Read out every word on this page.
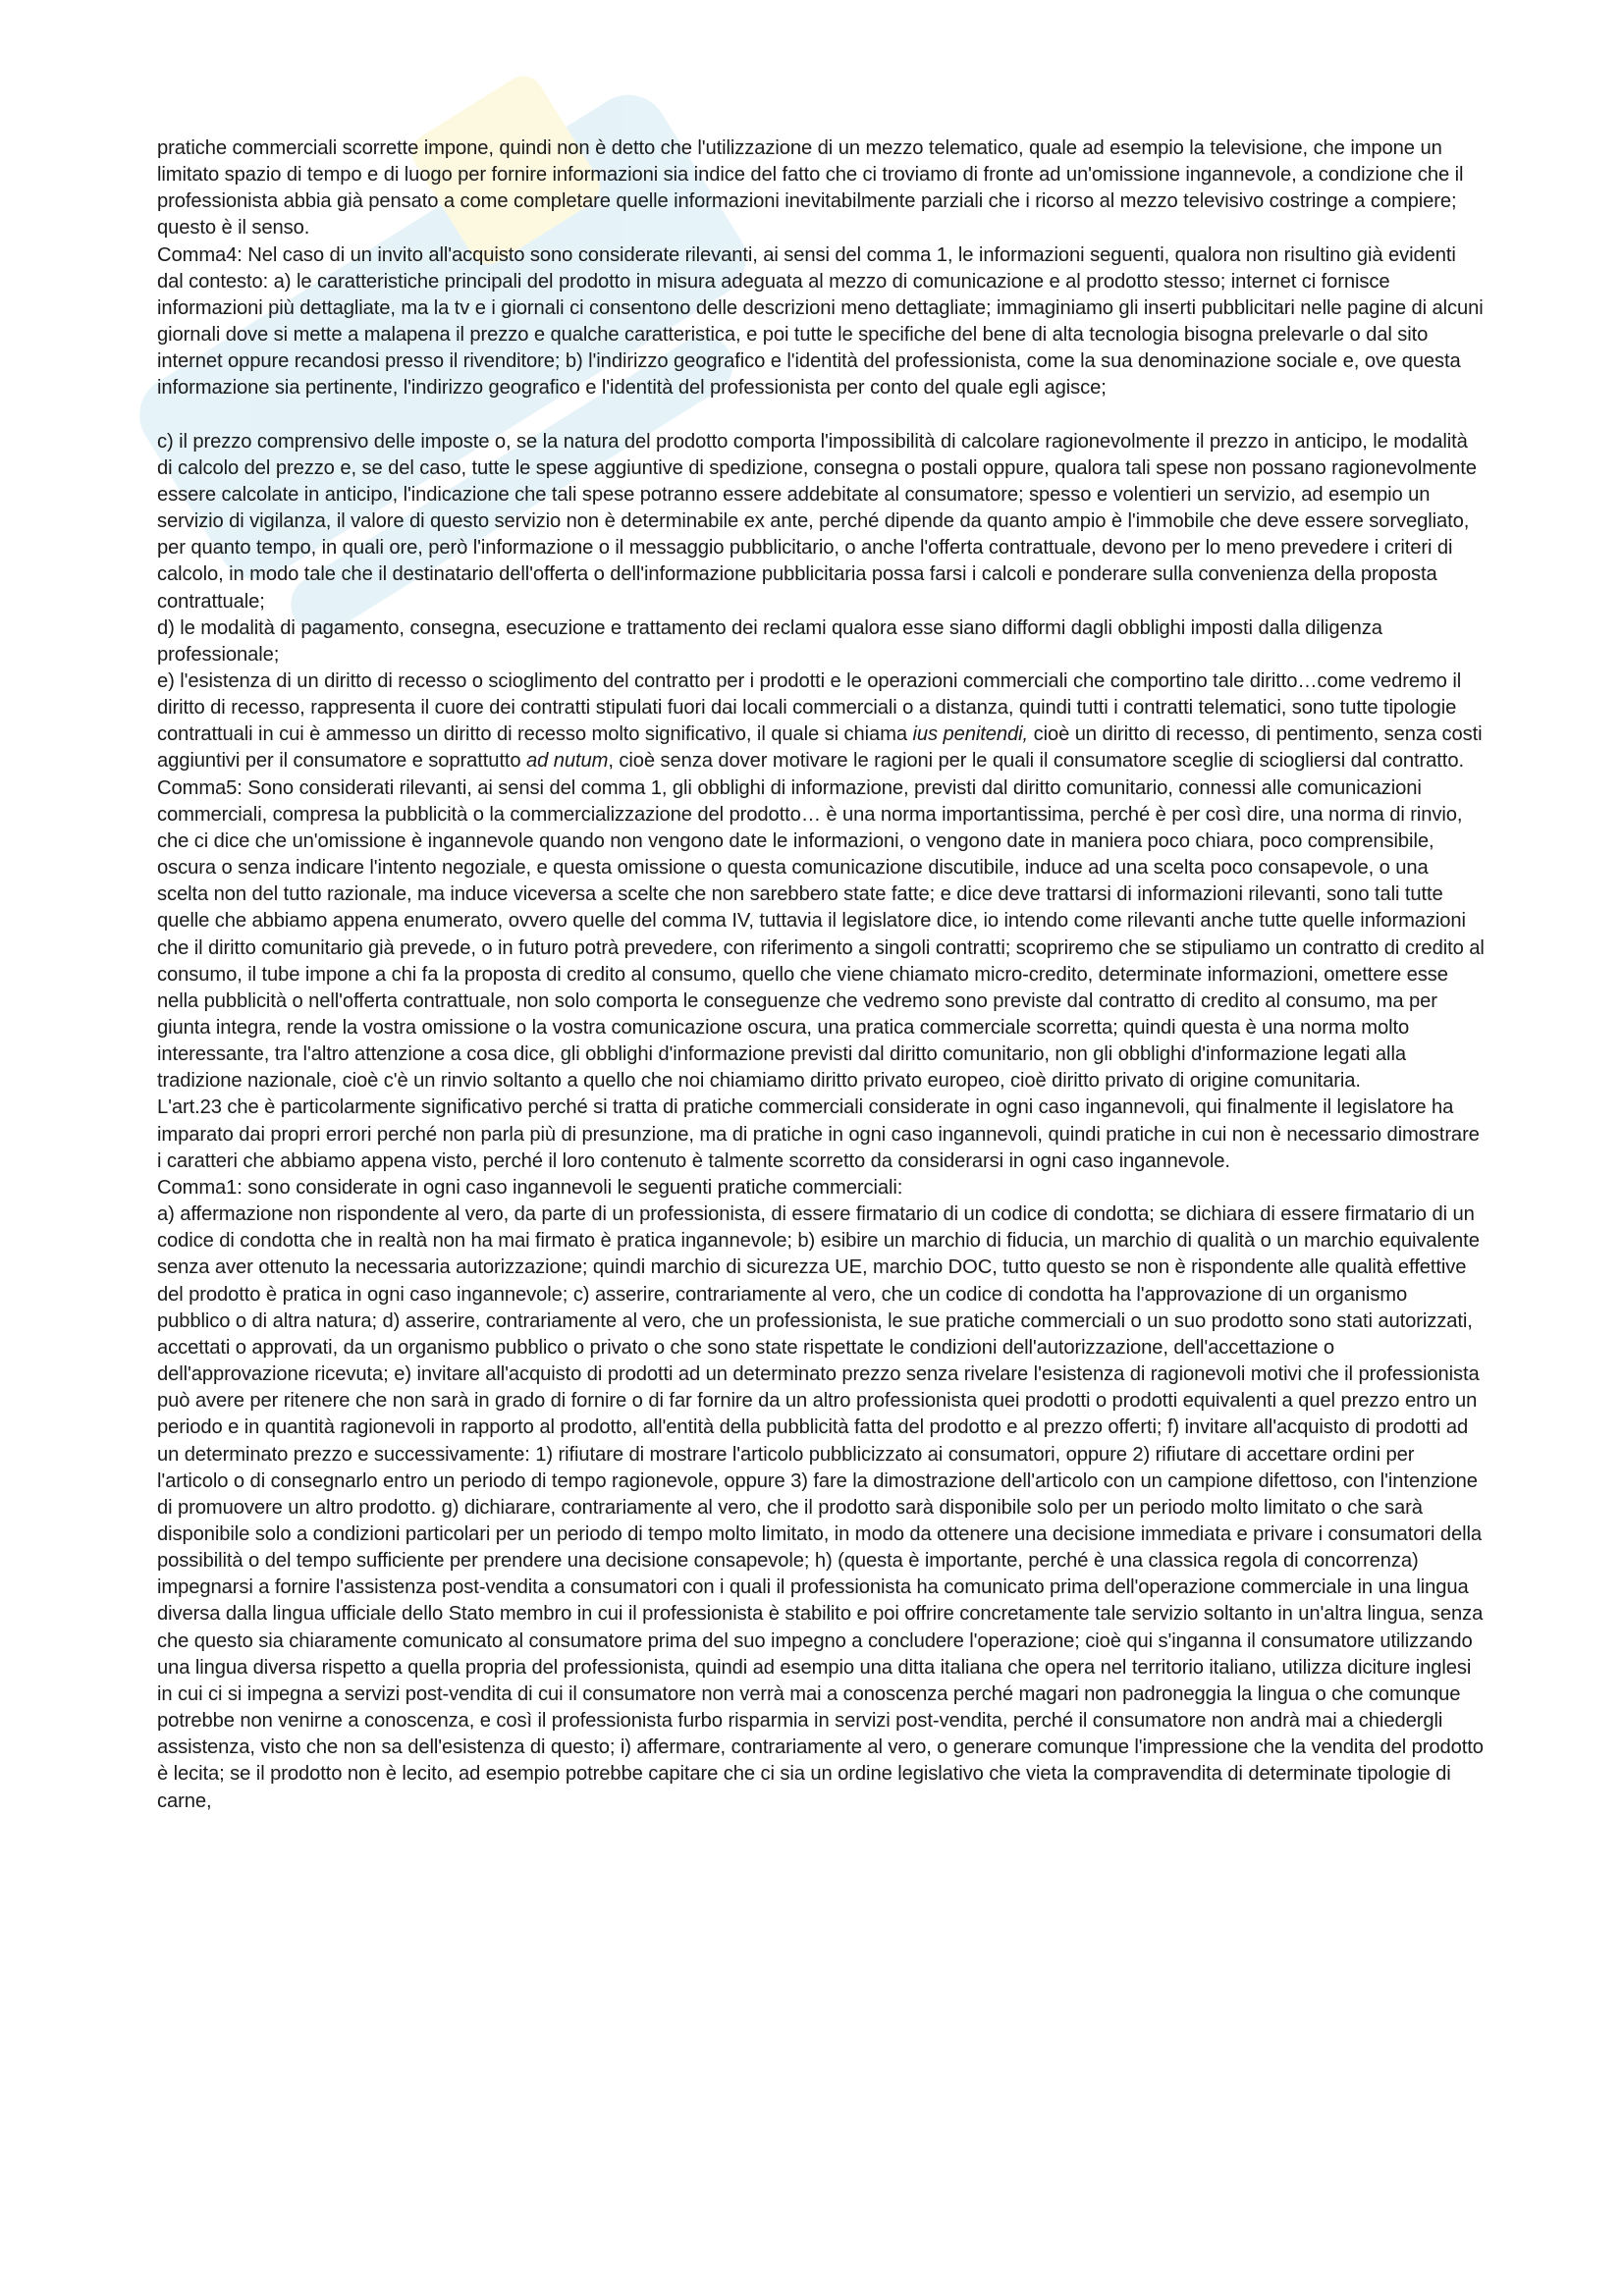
pratiche commerciali scorrette impone, quindi non è detto che l'utilizzazione di un mezzo telematico, quale ad esempio la televisione, che impone un limitato spazio di tempo e di luogo per fornire informazioni sia indice del fatto che ci troviamo di fronte ad un'omissione ingannevole, a condizione che il professionista abbia già pensato a come completare quelle informazioni inevitabilmente parziali che i ricorso al mezzo televisivo costringe a compiere; questo è il senso.

Comma4: Nel caso di un invito all'acquisto sono considerate rilevanti, ai sensi del comma 1, le informazioni seguenti, qualora non risultino già evidenti dal contesto: a) le caratteristiche principali del prodotto in misura adeguata al mezzo di comunicazione e al prodotto stesso; internet ci fornisce informazioni più dettagliate, ma la tv e i giornali ci consentono delle descrizioni meno dettagliate; immaginiamo gli inserti pubblicitari nelle pagine di alcuni giornali dove si mette a malapena il prezzo e qualche caratteristica, e poi tutte le specifiche del bene di alta tecnologia bisogna prelevarle o dal sito internet oppure recandosi presso il rivenditore; b) l'indirizzo geografico e l'identità del professionista, come la sua denominazione sociale e, ove questa informazione sia pertinente, l'indirizzo geografico e l'identità del professionista per conto del quale egli agisce;

c) il prezzo comprensivo delle imposte o, se la natura del prodotto comporta l'impossibilità di calcolare ragionevolmente il prezzo in anticipo, le modalità di calcolo del prezzo e, se del caso, tutte le spese aggiuntive di spedizione, consegna o postali oppure, qualora tali spese non possano ragionevolmente essere calcolate in anticipo, l'indicazione che tali spese potranno essere addebitate al consumatore; spesso e volentieri un servizio, ad esempio un servizio di vigilanza, il valore di questo servizio non è determinabile ex ante, perché dipende da quanto ampio è l'immobile che deve essere sorvegliato, per quanto tempo, in quali ore, però l'informazione o il messaggio pubblicitario, o anche l'offerta contrattuale, devono per lo meno prevedere i criteri di calcolo, in modo tale che il destinatario dell'offerta o dell'informazione pubblicitaria possa farsi i calcoli e ponderare sulla convenienza della proposta contrattuale;

d) le modalità di pagamento, consegna, esecuzione e trattamento dei reclami qualora esse siano difformi dagli obblighi imposti dalla diligenza professionale;

e) l'esistenza di un diritto di recesso o scioglimento del contratto per i prodotti e le operazioni commerciali che comportino tale diritto…come vedremo il diritto di recesso, rappresenta il cuore dei contratti stipulati fuori dai locali commerciali o a distanza, quindi tutti i contratti telematici, sono tutte tipologie contrattuali in cui è ammesso un diritto di recesso molto significativo, il quale si chiama ius penitendi, cioè un diritto di recesso, di pentimento, senza costi aggiuntivi per il consumatore e soprattutto ad nutum, cioè senza dover motivare le ragioni per le quali il consumatore sceglie di sciogliersi dal contratto.

Comma5: Sono considerati rilevanti, ai sensi del comma 1, gli obblighi di informazione, previsti dal diritto comunitario, connessi alle comunicazioni commerciali, compresa la pubblicità o la commercializzazione del prodotto… è una norma importantissima, perché è per così dire, una norma di rinvio, che ci dice che un'omissione è ingannevole quando non vengono date le informazioni, o vengono date in maniera poco chiara, poco comprensibile, oscura o senza indicare l'intento negoziale, e questa omissione o questa comunicazione discutibile, induce ad una scelta poco consapevole, o una scelta non del tutto razionale, ma induce viceversa a scelte che non sarebbero state fatte; e dice deve trattarsi di informazioni rilevanti, sono tali tutte quelle che abbiamo appena enumerato, ovvero quelle del comma IV, tuttavia il legislatore dice, io intendo come rilevanti anche tutte quelle informazioni che il diritto comunitario già prevede, o in futuro potrà prevedere, con riferimento a singoli contratti; scopriremo che se stipuliamo un contratto di credito al consumo, il tube impone a chi fa la proposta di credito al consumo, quello che viene chiamato micro-credito, determinate informazioni, omettere esse nella pubblicità o nell'offerta contrattuale, non solo comporta le conseguenze che vedremo sono previste dal contratto di credito al consumo, ma per giunta integra, rende la vostra omissione o la vostra comunicazione oscura, una pratica commerciale scorretta; quindi questa è una norma molto interessante, tra l'altro attenzione a cosa dice, gli obblighi d'informazione previsti dal diritto comunitario, non gli obblighi d'informazione legati alla tradizione nazionale, cioè c'è un rinvio soltanto a quello che noi chiamiamo diritto privato europeo, cioè diritto privato di origine comunitaria.

L'art.23 che è particolarmente significativo perché si tratta di pratiche commerciali considerate in ogni caso ingannevoli, qui finalmente il legislatore ha imparato dai propri errori perché non parla più di presunzione, ma di pratiche in ogni caso ingannevoli, quindi pratiche in cui non è necessario dimostrare i caratteri che abbiamo appena visto, perché il loro contenuto è talmente scorretto da considerarsi in ogni caso ingannevole.

Comma1: sono considerate in ogni caso ingannevoli le seguenti pratiche commerciali:

a) affermazione non rispondente al vero, da parte di un professionista, di essere firmatario di un codice di condotta; se dichiara di essere firmatario di un codice di condotta che in realtà non ha mai firmato è pratica ingannevole; b) esibire un marchio di fiducia, un marchio di qualità o un marchio equivalente senza aver ottenuto la necessaria autorizzazione; quindi marchio di sicurezza UE, marchio DOC, tutto questo se non è rispondente alle qualità effettive del prodotto è pratica in ogni caso ingannevole; c) asserire, contrariamente al vero, che un codice di condotta ha l'approvazione di un organismo pubblico o di altra natura; d) asserire, contrariamente al vero, che un professionista, le sue pratiche commerciali o un suo prodotto sono stati autorizzati, accettati o approvati, da un organismo pubblico o privato o che sono state rispettate le condizioni dell'autorizzazione, dell'accettazione o dell'approvazione ricevuta; e) invitare all'acquisto di prodotti ad un determinato prezzo senza rivelare l'esistenza di ragionevoli motivi che il professionista può avere per ritenere che non sarà in grado di fornire o di far fornire da un altro professionista quei prodotti o prodotti equivalenti a quel prezzo entro un periodo e in quantità ragionevoli in rapporto al prodotto, all'entità della pubblicità fatta del prodotto e al prezzo offerti; f) invitare all'acquisto di prodotti ad un determinato prezzo e successivamente: 1) rifiutare di mostrare l'articolo pubblicizzato ai consumatori, oppure 2) rifiutare di accettare ordini per l'articolo o di consegnarlo entro un periodo di tempo ragionevole, oppure 3) fare la dimostrazione dell'articolo con un campione difettoso, con l'intenzione di promuovere un altro prodotto. g) dichiarare, contrariamente al vero, che il prodotto sarà disponibile solo per un periodo molto limitato o che sarà disponibile solo a condizioni particolari per un periodo di tempo molto limitato, in modo da ottenere una decisione immediata e privare i consumatori della possibilità o del tempo sufficiente per prendere una decisione consapevole; h) (questa è importante, perché è una classica regola di concorrenza) impegnarsi a fornire l'assistenza post-vendita a consumatori con i quali il professionista ha comunicato prima dell'operazione commerciale in una lingua diversa dalla lingua ufficiale dello Stato membro in cui il professionista è stabilito e poi offrire concretamente tale servizio soltanto in un'altra lingua, senza che questo sia chiaramente comunicato al consumatore prima del suo impegno a concludere l'operazione; cioè qui s'inganna il consumatore utilizzando una lingua diversa rispetto a quella propria del professionista, quindi ad esempio una ditta italiana che opera nel territorio italiano, utilizza diciture inglesi in cui ci si impegna a servizi post-vendita di cui il consumatore non verrà mai a conoscenza perché magari non padroneggia la lingua o che comunque potrebbe non venirne a conoscenza, e così il professionista furbo risparmia in servizi post-vendita, perché il consumatore non andrà mai a chiedergli assistenza, visto che non sa dell'esistenza di questo; i) affermare, contrariamente al vero, o generare comunque l'impressione che la vendita del prodotto è lecita; se il prodotto non è lecito, ad esempio potrebbe capitare che ci sia un ordine legislativo che vieta la compravendita di determinate tipologie di carne,
